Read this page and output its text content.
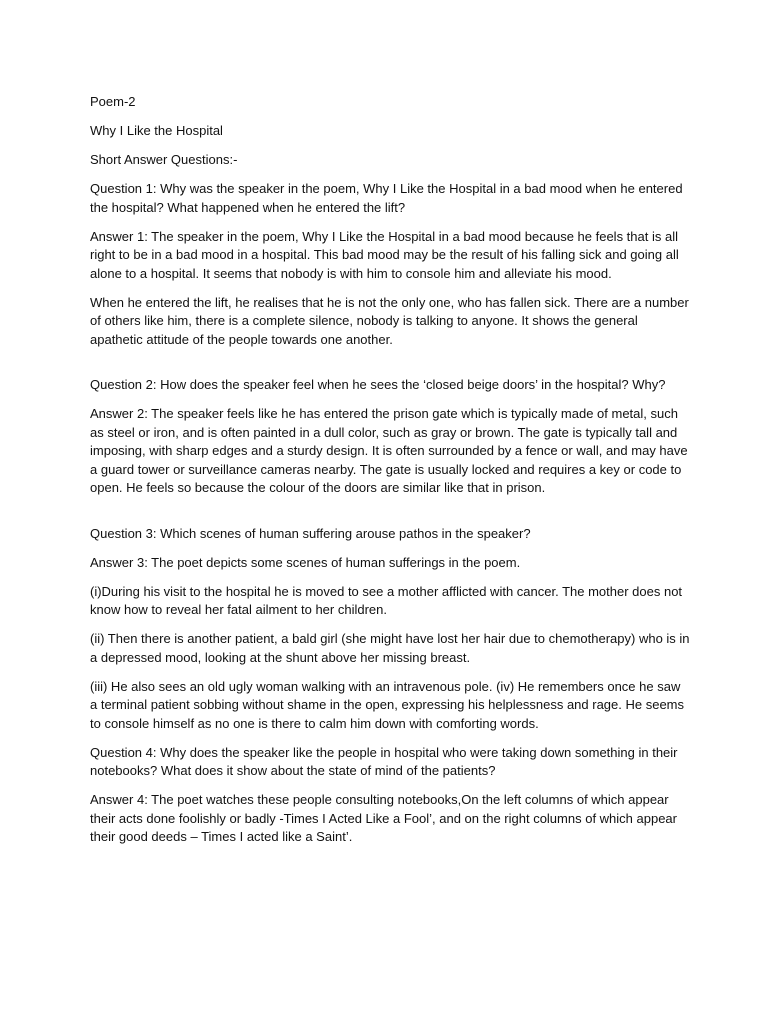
Poem-2

Why I Like the Hospital

Short Answer Questions:-

Question 1: Why was the speaker in the poem, Why I Like the Hospital in a bad mood when he entered the hospital? What happened when he entered the lift?

Answer 1: The speaker in the poem, Why I Like the Hospital in a bad mood because he feels that is all right to be in a bad mood in a hospital. This bad mood may be the result of his falling sick and going all alone to a hospital. It seems that nobody is with him to console him and alleviate his mood.

When he entered the lift, he realises that he is not the only one, who has fallen sick. There are a number of others like him, there is a complete silence, nobody is talking to anyone. It shows the general apathetic attitude of the people towards one another.

Question 2: How does the speaker feel when he sees the ‘closed beige doors’ in the hospital? Why?

Answer 2: The speaker feels like he has entered the prison gate which is typically made of metal, such as steel or iron, and is often painted in a dull color, such as gray or brown. The gate is typically tall and imposing, with sharp edges and a sturdy design. It is often surrounded by a fence or wall, and may have a guard tower or surveillance cameras nearby. The gate is usually locked and requires a key or code to open. He feels so because the colour of the doors are similar like that in prison.

Question 3: Which scenes of human suffering arouse pathos in the speaker?

Answer 3: The poet depicts some scenes of human sufferings in the poem.

(i)During his visit to the hospital he is moved to see a mother afflicted with cancer. The mother does not know how to reveal her fatal ailment to her children.

(ii) Then there is another patient, a bald girl (she might have lost her hair due to chemotherapy) who is in a depressed mood, looking at the shunt above her missing breast.

(iii) He also sees an old ugly woman walking with an intravenous pole. (iv) He remembers once he saw a terminal patient sobbing without shame in the open, expressing his helplessness and rage. He seems to console himself as no one is there to calm him down with comforting words.

Question 4: Why does the speaker like the people in hospital who were taking down something in their notebooks? What does it show about the state of mind of the patients?

Answer 4: The poet watches these people consulting notebooks,On the left columns of which appear their acts done foolishly or badly -Times I Acted Like a Fool’, and on the right columns of which appear their good deeds – Times I acted like a Saint’.
